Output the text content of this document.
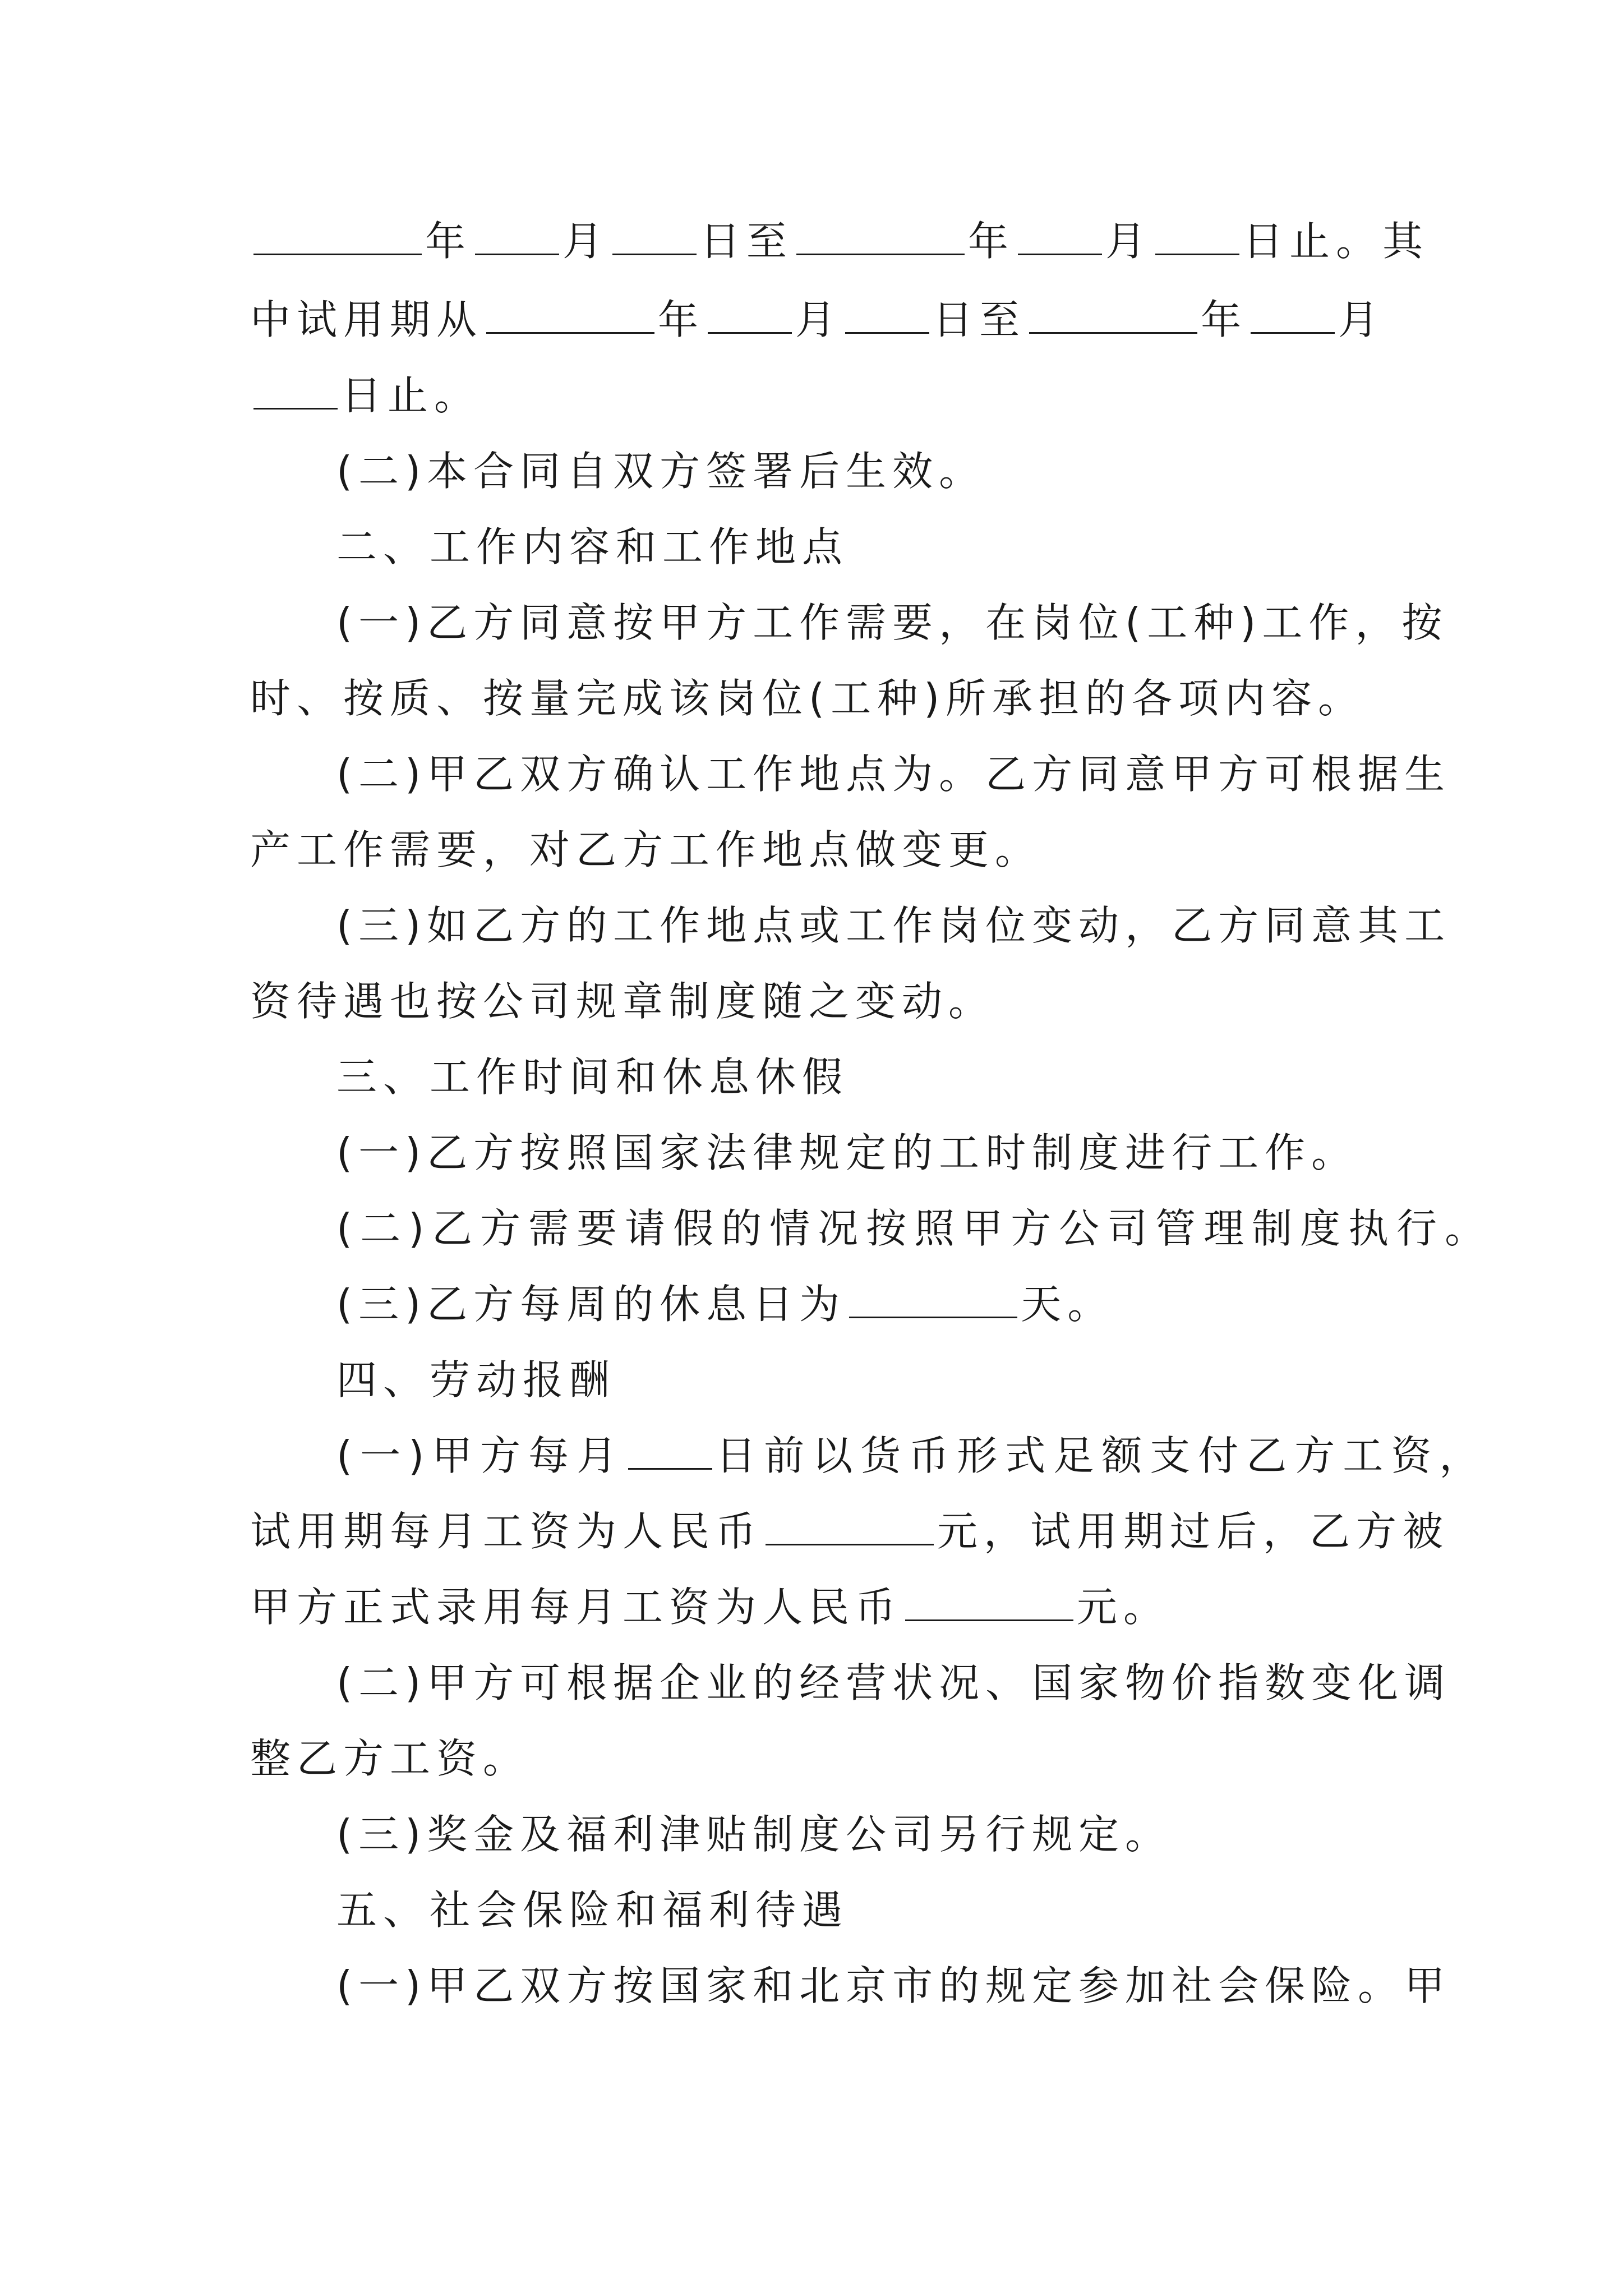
年 月 日至	年 月 日止。其
中试用期从	年 月 日至	年 月
日止。
(二)本合同自双方签署后生效。
二、工作内容和工作地点
(一)乙方同意按甲方工作需要，在岗位(工种)工作，按
时、按质、按量完成该岗位(工种)所承担的各项内容。
(二)甲乙双方确认工作地点为。乙方同意甲方可根据生
产工作需要，对乙方工作地点做变更。
(三)如乙方的工作地点或工作岗位变动，乙方同意其工
资待遇也按公司规章制度随之变动。
三、工作时间和休息休假
(一)乙方按照国家法律规定的工时制度进行工作。
(二)乙方需要请假的情况按照甲方公司管理制度执行。
(三)乙方每周的休息日为	天。
四、劳动报酬
(一)甲方每月 日前以货币形式足额支付乙方工资，
试用期每月工资为人民币	元，试用期过后，乙方被
甲方正式录用每月工资为人民币	元。
(二)甲方可根据企业的经营状况、国家物价指数变化调
整乙方工资。
(三)奖金及福利津贴制度公司另行规定。
五、社会保险和福利待遇
(一)甲乙双方按国家和北京市的规定参加社会保险。甲
